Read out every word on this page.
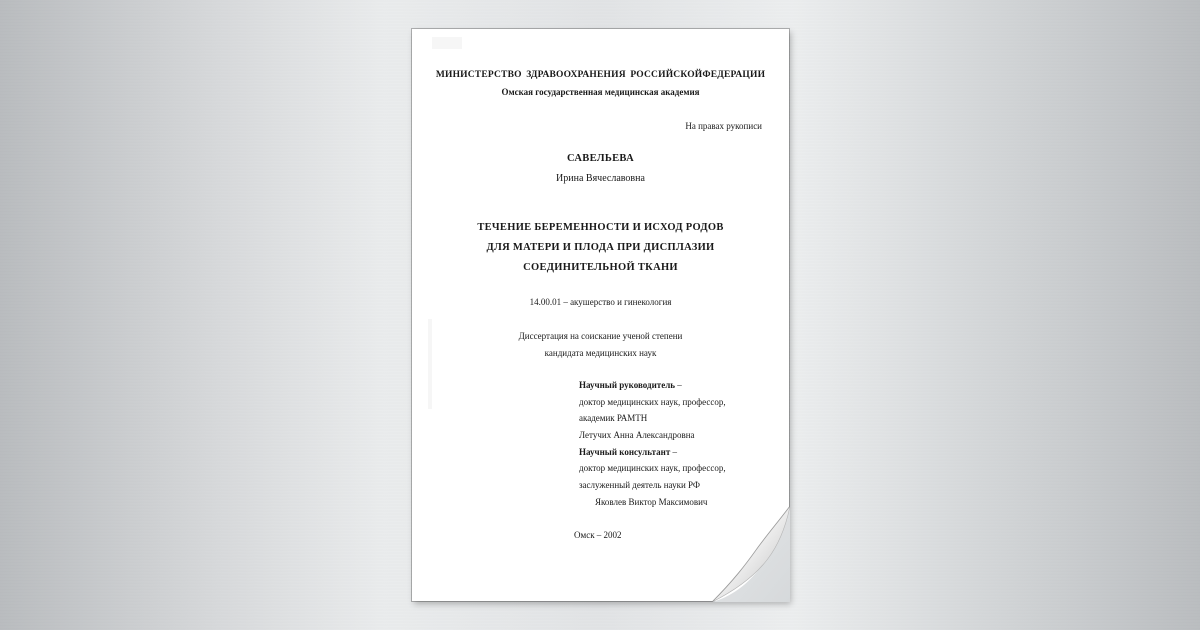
МИНИСТЕРСТВО ЗДРАВООХРАНЕНИЯ РОССИЙСКОЙФЕДЕРАЦИИ
Омская государственная медицинская академия
На правах рукописи
САВЕЛЬЕВА
Ирина Вячеславовна
ТЕЧЕНИЕ БЕРЕМЕННОСТИ И ИСХОД РОДОВ
ДЛЯ МАТЕРИ И ПЛОДА ПРИ ДИСПЛАЗИИ
СОЕДИНИТЕЛЬНОЙ ТКАНИ
14.00.01 – акушерство и гинекология
Диссертация на соискание ученой степени
кандидата медицинских наук
Научный руководитель –
доктор медицинских наук, профессор,
академик РАМТН
Летучих Анна Александровна
Научный консультант –
доктор медицинских наук, профессор,
заслуженный деятель науки РФ
Яковлев Виктор Максимович
Омск – 2002
